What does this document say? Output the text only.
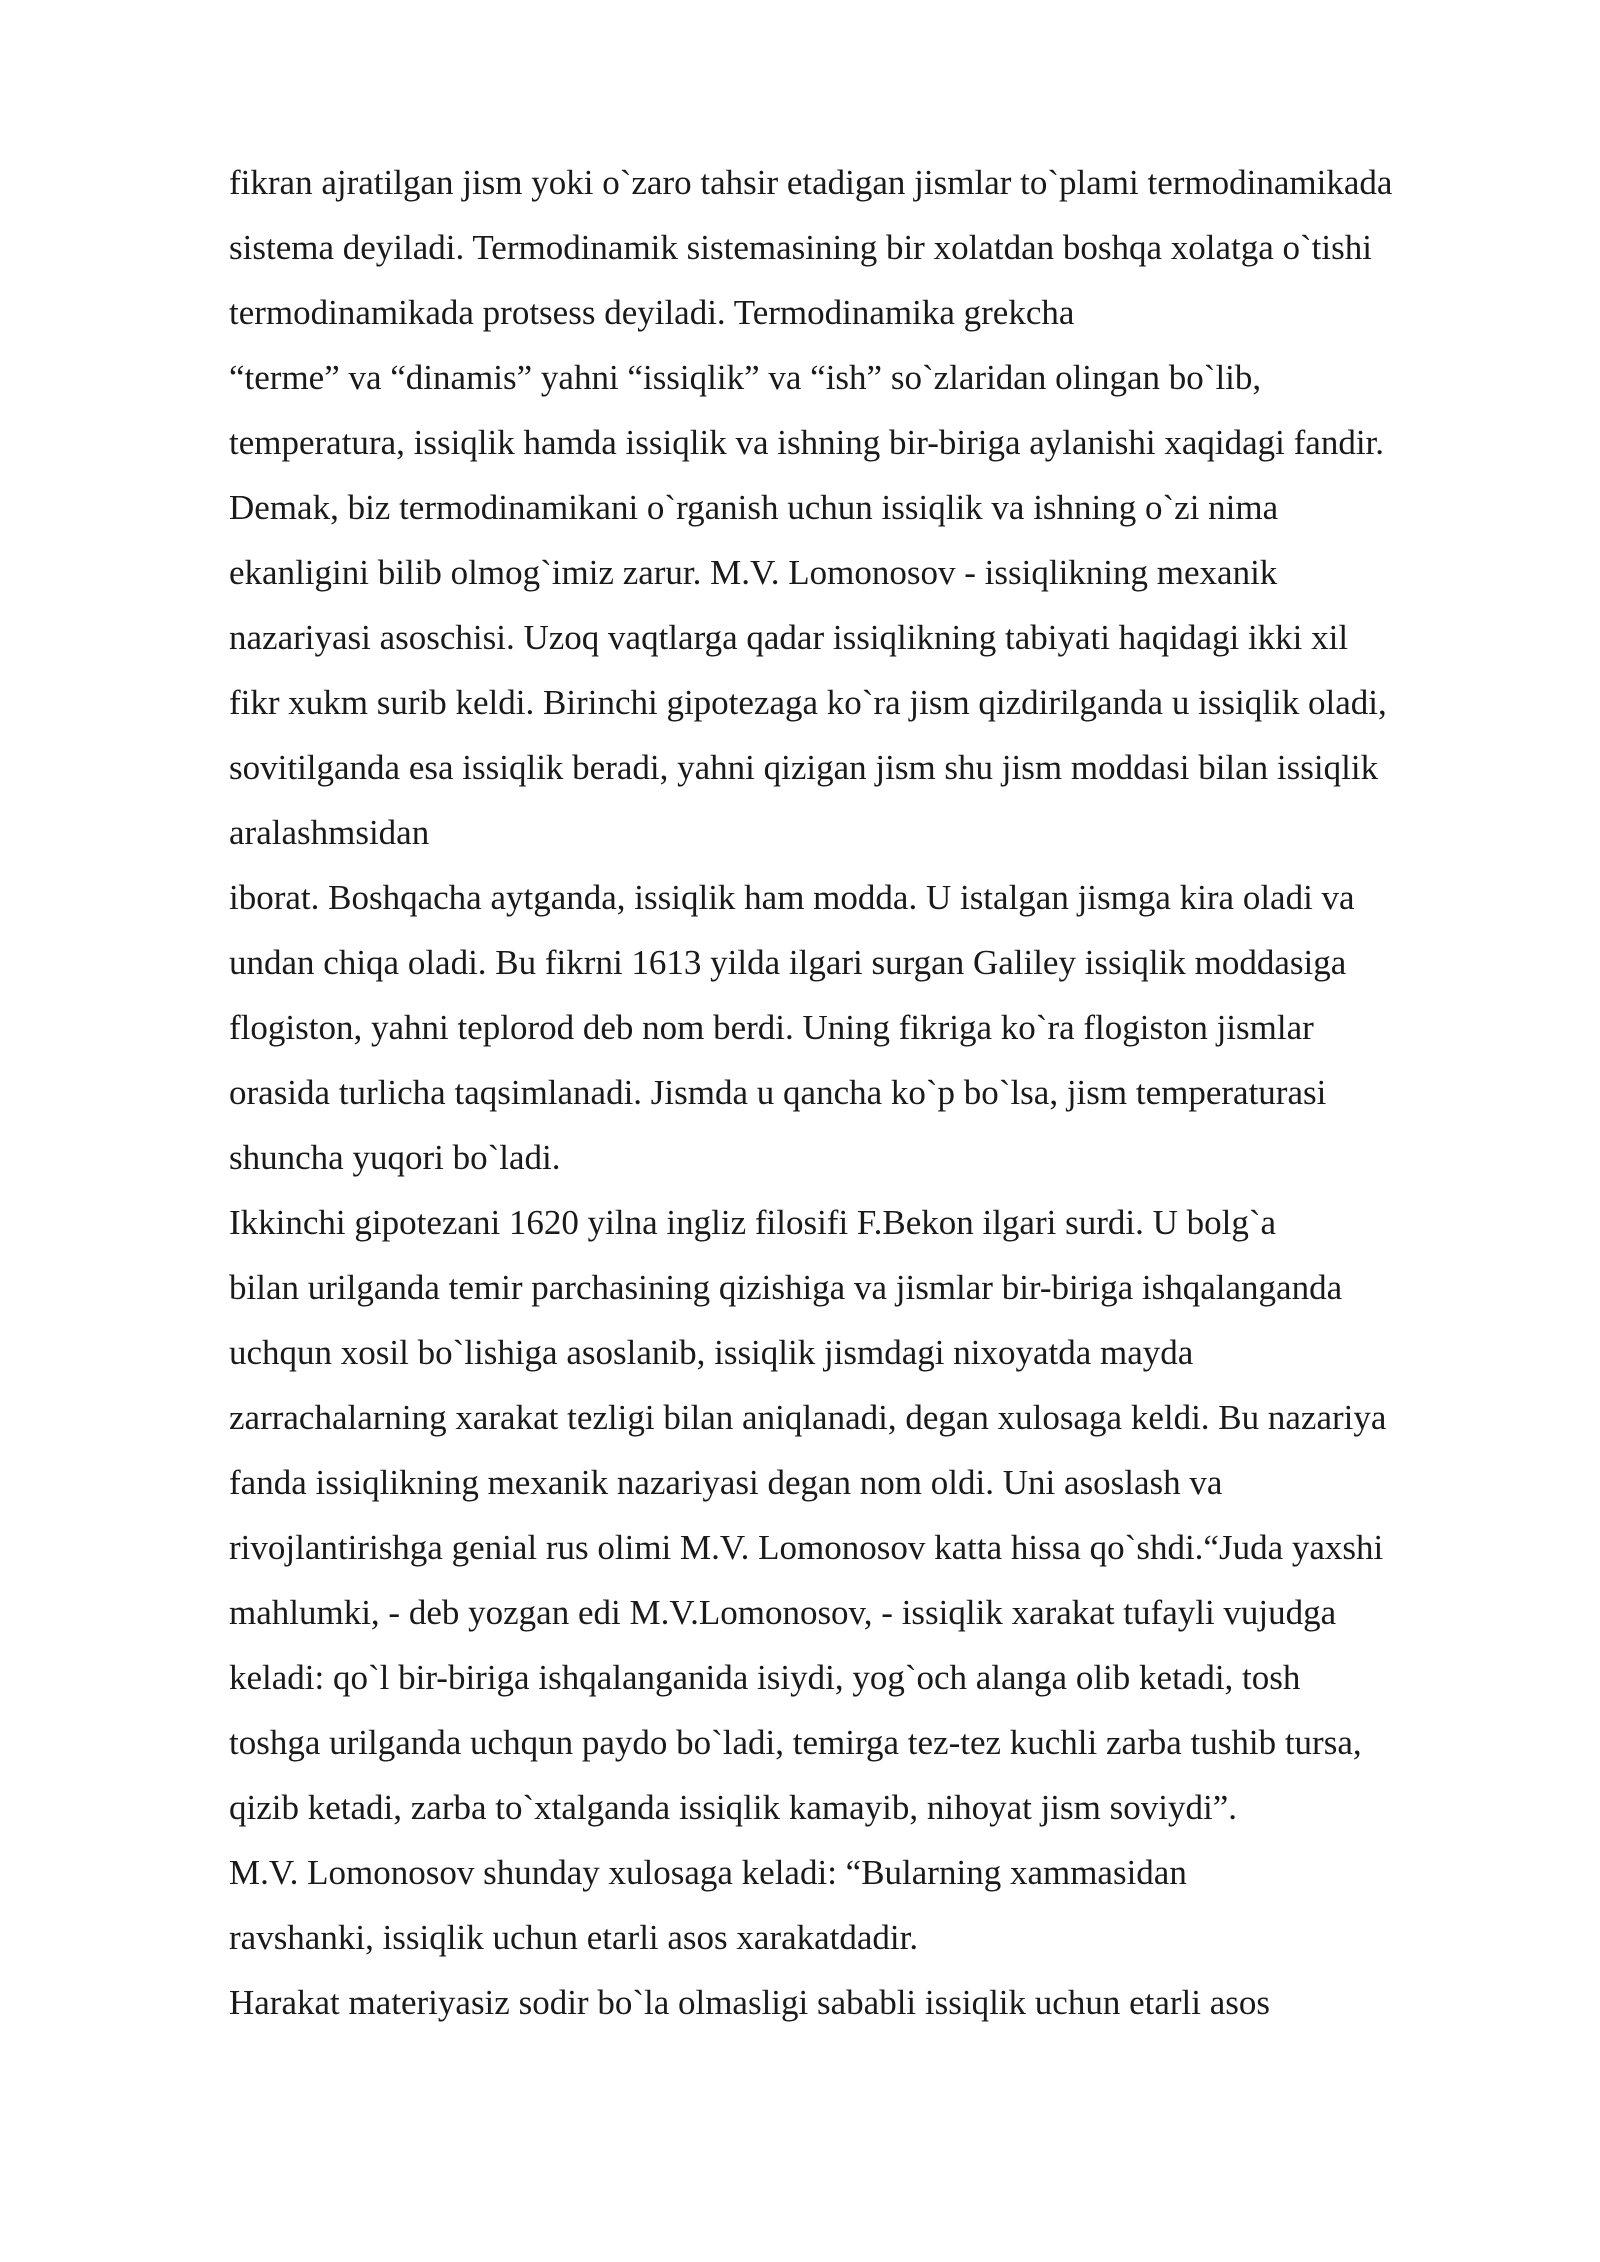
fikran ajratilgan jism yoki o`zaro tahsir etadigan jismlar to`plami termodinamikada
sistema deyiladi. Termodinamik sistemasining bir xolatdan boshqa xolatga o`tishi
termodinamikada protsess deyiladi. Termodinamika grekcha
“terme” va “dinamis” yahni “issiqlik” va “ish” so`zlaridan olingan bo`lib,
temperatura, issiqlik hamda issiqlik va ishning bir-biriga aylanishi xaqidagi fandir.
Demak, biz termodinamikani o`rganish uchun issiqlik va ishning o`zi nima
ekanligini bilib olmog`imiz zarur. M.V. Lomonosov - issiqlikning mexanik
nazariyasi asoschisi. Uzoq vaqtlarga qadar issiqlikning tabiyati haqidagi ikki xil
fikr xukm surib keldi. Birinchi gipotezaga ko`ra jism qizdirilganda u issiqlik oladi,
sovitilganda esa issiqlik beradi, yahni qizigan jism shu jism moddasi bilan issiqlik
aralashmsidan
iborat. Boshqacha aytganda, issiqlik ham modda. U istalgan jismga kira oladi va
undan chiqa oladi. Bu fikrni 1613 yilda ilgari surgan Galiley issiqlik moddasiga
flogiston, yahni teplorod deb nom berdi. Uning fikriga ko`ra flogiston jismlar
orasida turlicha taqsimlanadi. Jismda u qancha ko`p bo`lsa, jism temperaturasi
shuncha yuqori bo`ladi.
Ikkinchi gipotezani 1620 yilna ingliz filosifi F.Bekon ilgari surdi. U bolg`a
bilan urilganda temir parchasining qizishiga va jismlar bir-biriga ishqalanganda
uchqun xosil bo`lishiga asoslanib, issiqlik jismdagi nixoyatda mayda
zarrachalarning xarakat tezligi bilan aniqlanadi, degan xulosaga keldi. Bu nazariya
fanda issiqlikning mexanik nazariyasi degan nom oldi. Uni asoslash va
rivojlantirishga genial rus olimi M.V. Lomonosov katta hissa qo`shdi.“Juda yaxshi
mahlumki, - deb yozgan edi M.V.Lomonosov, - issiqlik xarakat tufayli vujudga
keladi: qo`l bir-biriga ishqalanganida isiydi, yog`och alanga olib ketadi, tosh
toshga urilganda uchqun paydo bo`ladi, temirga tez-tez kuchli zarba tushib tursa,
qizib ketadi, zarba to`xtalganda issiqlik kamayib, nihoyat jism soviydi”.
M.V. Lomonosov shunday xulosaga keladi: “Bularning xammasidan
ravshanki, issiqlik uchun etarli asos xarakatdadir.
Harakat materiyasiz sodir bo`la olmasligi sababli issiqlik uchun etarli asos
